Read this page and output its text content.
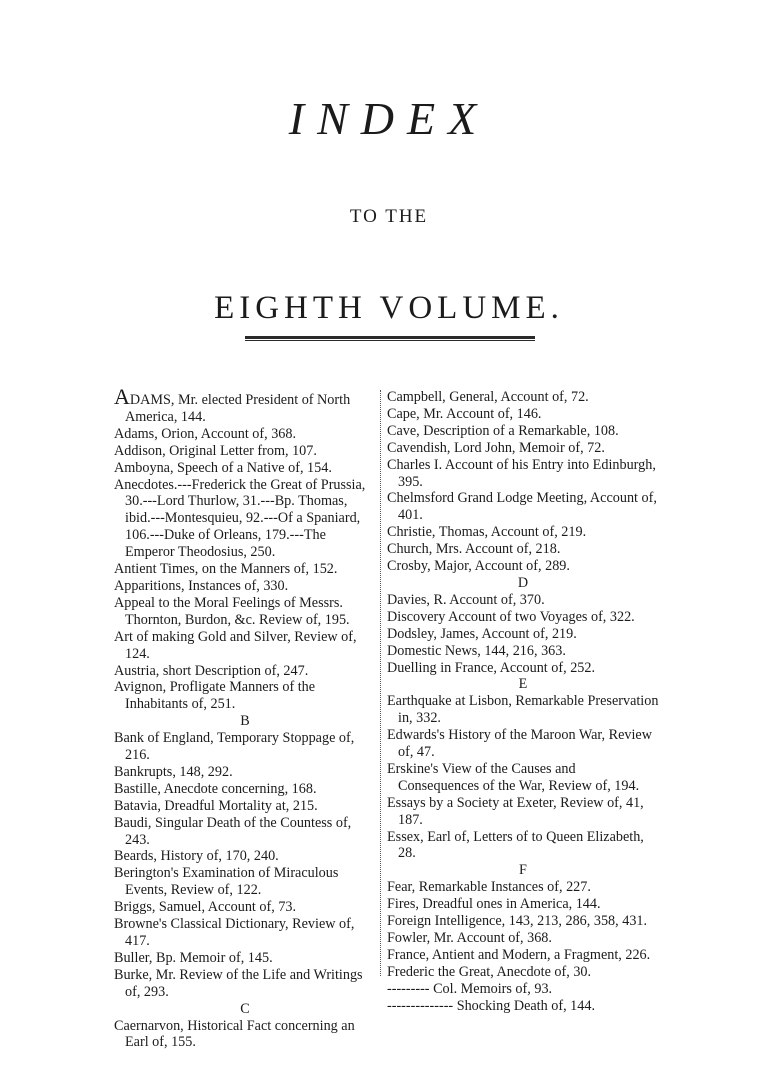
INDEX
TO THE
EIGHTH VOLUME.
ADAMS, Mr. elected President of North America, 144.
Adams, Orion, Account of, 368.
Addison, Original Letter from, 107.
Amboyna, Speech of a Native of, 154.
Anecdotes.---Frederick the Great of Prussia, 30.---Lord Thurlow, 31.---Bp. Thomas, ibid.---Montesquieu, 92.---Of a Spaniard, 106.---Duke of Orleans, 179.---The Emperor Theodosius, 250.
Antient Times, on the Manners of, 152.
Apparitions, Instances of, 330.
Appeal to the Moral Feelings of Messrs. Thornton, Burdon, &c. Review of, 195.
Art of making Gold and Silver, Review of, 124.
Austria, short Description of, 247.
Avignon, Profligate Manners of the Inhabitants of, 251.
B
Bank of England, Temporary Stoppage of, 216.
Bankrupts, 148, 292.
Bastille, Anecdote concerning, 168.
Batavia, Dreadful Mortality at, 215.
Baudi, Singular Death of the Countess of, 243.
Beards, History of, 170, 240.
Berington's Examination of Miraculous Events, Review of, 122.
Briggs, Samuel, Account of, 73.
Browne's Classical Dictionary, Review of, 417.
Buller, Bp. Memoir of, 145.
Burke, Mr. Review of the Life and Writings of, 293.
C
Caernarvon, Historical Fact concerning an Earl of, 155.
Campbell, General, Account of, 72.
Cape, Mr. Account of, 146.
Cave, Description of a Remarkable, 108.
Cavendish, Lord John, Memoir of, 72.
Charles I. Account of his Entry into Edinburgh, 395.
Chelmsford Grand Lodge Meeting, Account of, 401.
Christie, Thomas, Account of, 219.
Church, Mrs. Account of, 218.
Crosby, Major, Account of, 289.
D
Davies, R. Account of, 370.
Discovery Account of two Voyages of, 322.
Dodsley, James, Account of, 219.
Domestic News, 144, 216, 363.
Duelling in France, Account of, 252.
E
Earthquake at Lisbon, Remarkable Preservation in, 332.
Edwards's History of the Maroon War, Review of, 47.
Erskine's View of the Causes and Consequences of the War, Review of, 194.
Essays by a Society at Exeter, Review of, 41, 187.
Essex, Earl of, Letters of to Queen Elizabeth, 28.
F
Fear, Remarkable Instances of, 227.
Fires, Dreadful ones in America, 144.
Foreign Intelligence, 143, 213, 286, 358, 431.
Fowler, Mr. Account of, 368.
France, Antient and Modern, a Fragment, 226.
Frederic the Great, Anecdote of, 30.
--------- Col. Memoirs of, 93.
-------------- Shocking Death of, 144.
